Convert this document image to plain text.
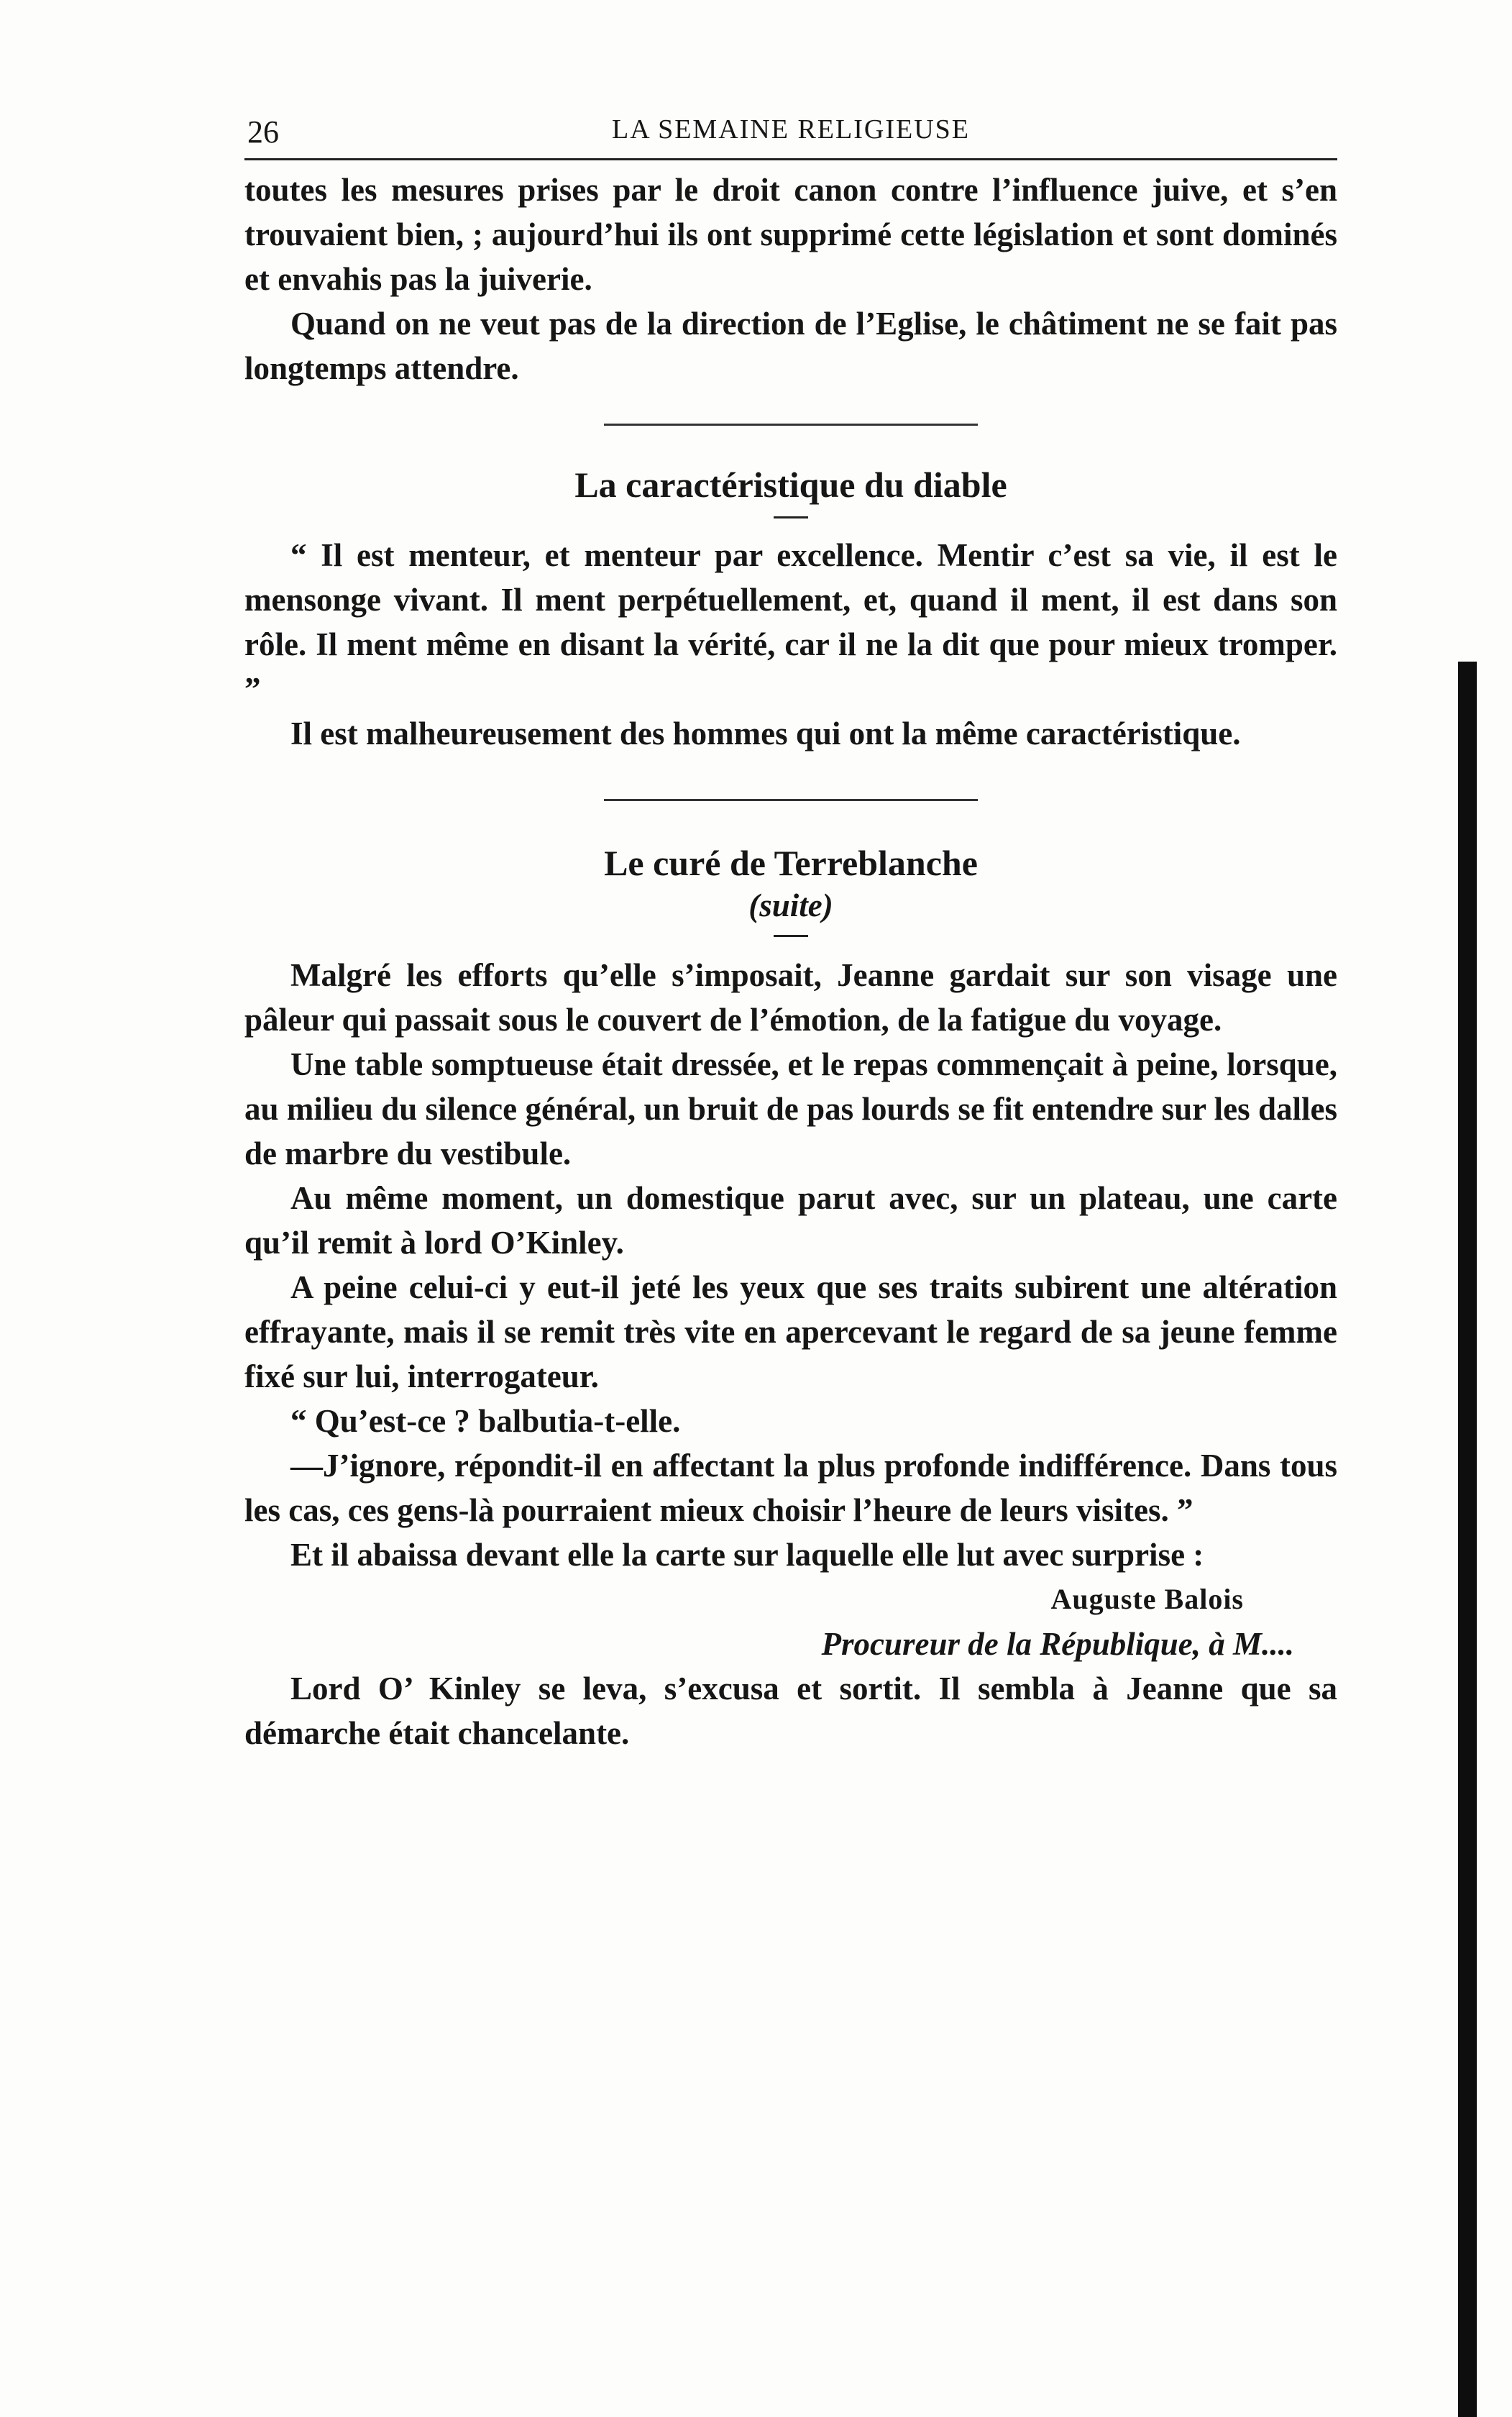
26	LA SEMAINE RELIGIEUSE

toutes les mesures prises par le droit canon contre l’influence juive, et s’en trouvaient bien, ; aujourd’hui ils ont supprimé cette législation et sont dominés et envahis pas la juiverie.

Quand on ne veut pas de la direction de l’Eglise, le châtiment ne se fait pas longtemps attendre.

La caractéristique du diable

“ Il est menteur, et menteur par excellence. Mentir c’est sa vie, il est le mensonge vivant. Il ment perpétuellement, et, quand il ment, il est dans son rôle. Il ment même en disant la vérité, car il ne la dit que pour mieux tromper. ”

Il est malheureusement des hommes qui ont la même caractéristique.

Le curé de Terreblanche
(suite)

Malgré les efforts qu’elle s’imposait, Jeanne gardait sur son visage une pâleur qui passait sous le couvert de l’émotion, de la fatigue du voyage.

Une table somptueuse était dressée, et le repas commençait à peine, lorsque, au milieu du silence général, un bruit de pas lourds se fit entendre sur les dalles de marbre du vestibule.

Au même moment, un domestique parut avec, sur un plateau, une carte qu’il remit à lord O’Kinley.

A peine celui-ci y eut-il jeté les yeux que ses traits subirent une altération effrayante, mais il se remit très vite en apercevant le regard de sa jeune femme fixé sur lui, interrogateur.

“ Qu’est-ce ? balbutia-t-elle.

—J’ignore, répondit-il en affectant la plus profonde indifférence. Dans tous les cas, ces gens-là pourraient mieux choisir l’heure de leurs visites. ”

Et il abaissa devant elle la carte sur laquelle elle lut avec surprise :

Auguste Balois

Procureur de la République, à M....

Lord O’ Kinley se leva, s’excusa et sortit. Il sembla à Jeanne que sa démarche était chancelante.
